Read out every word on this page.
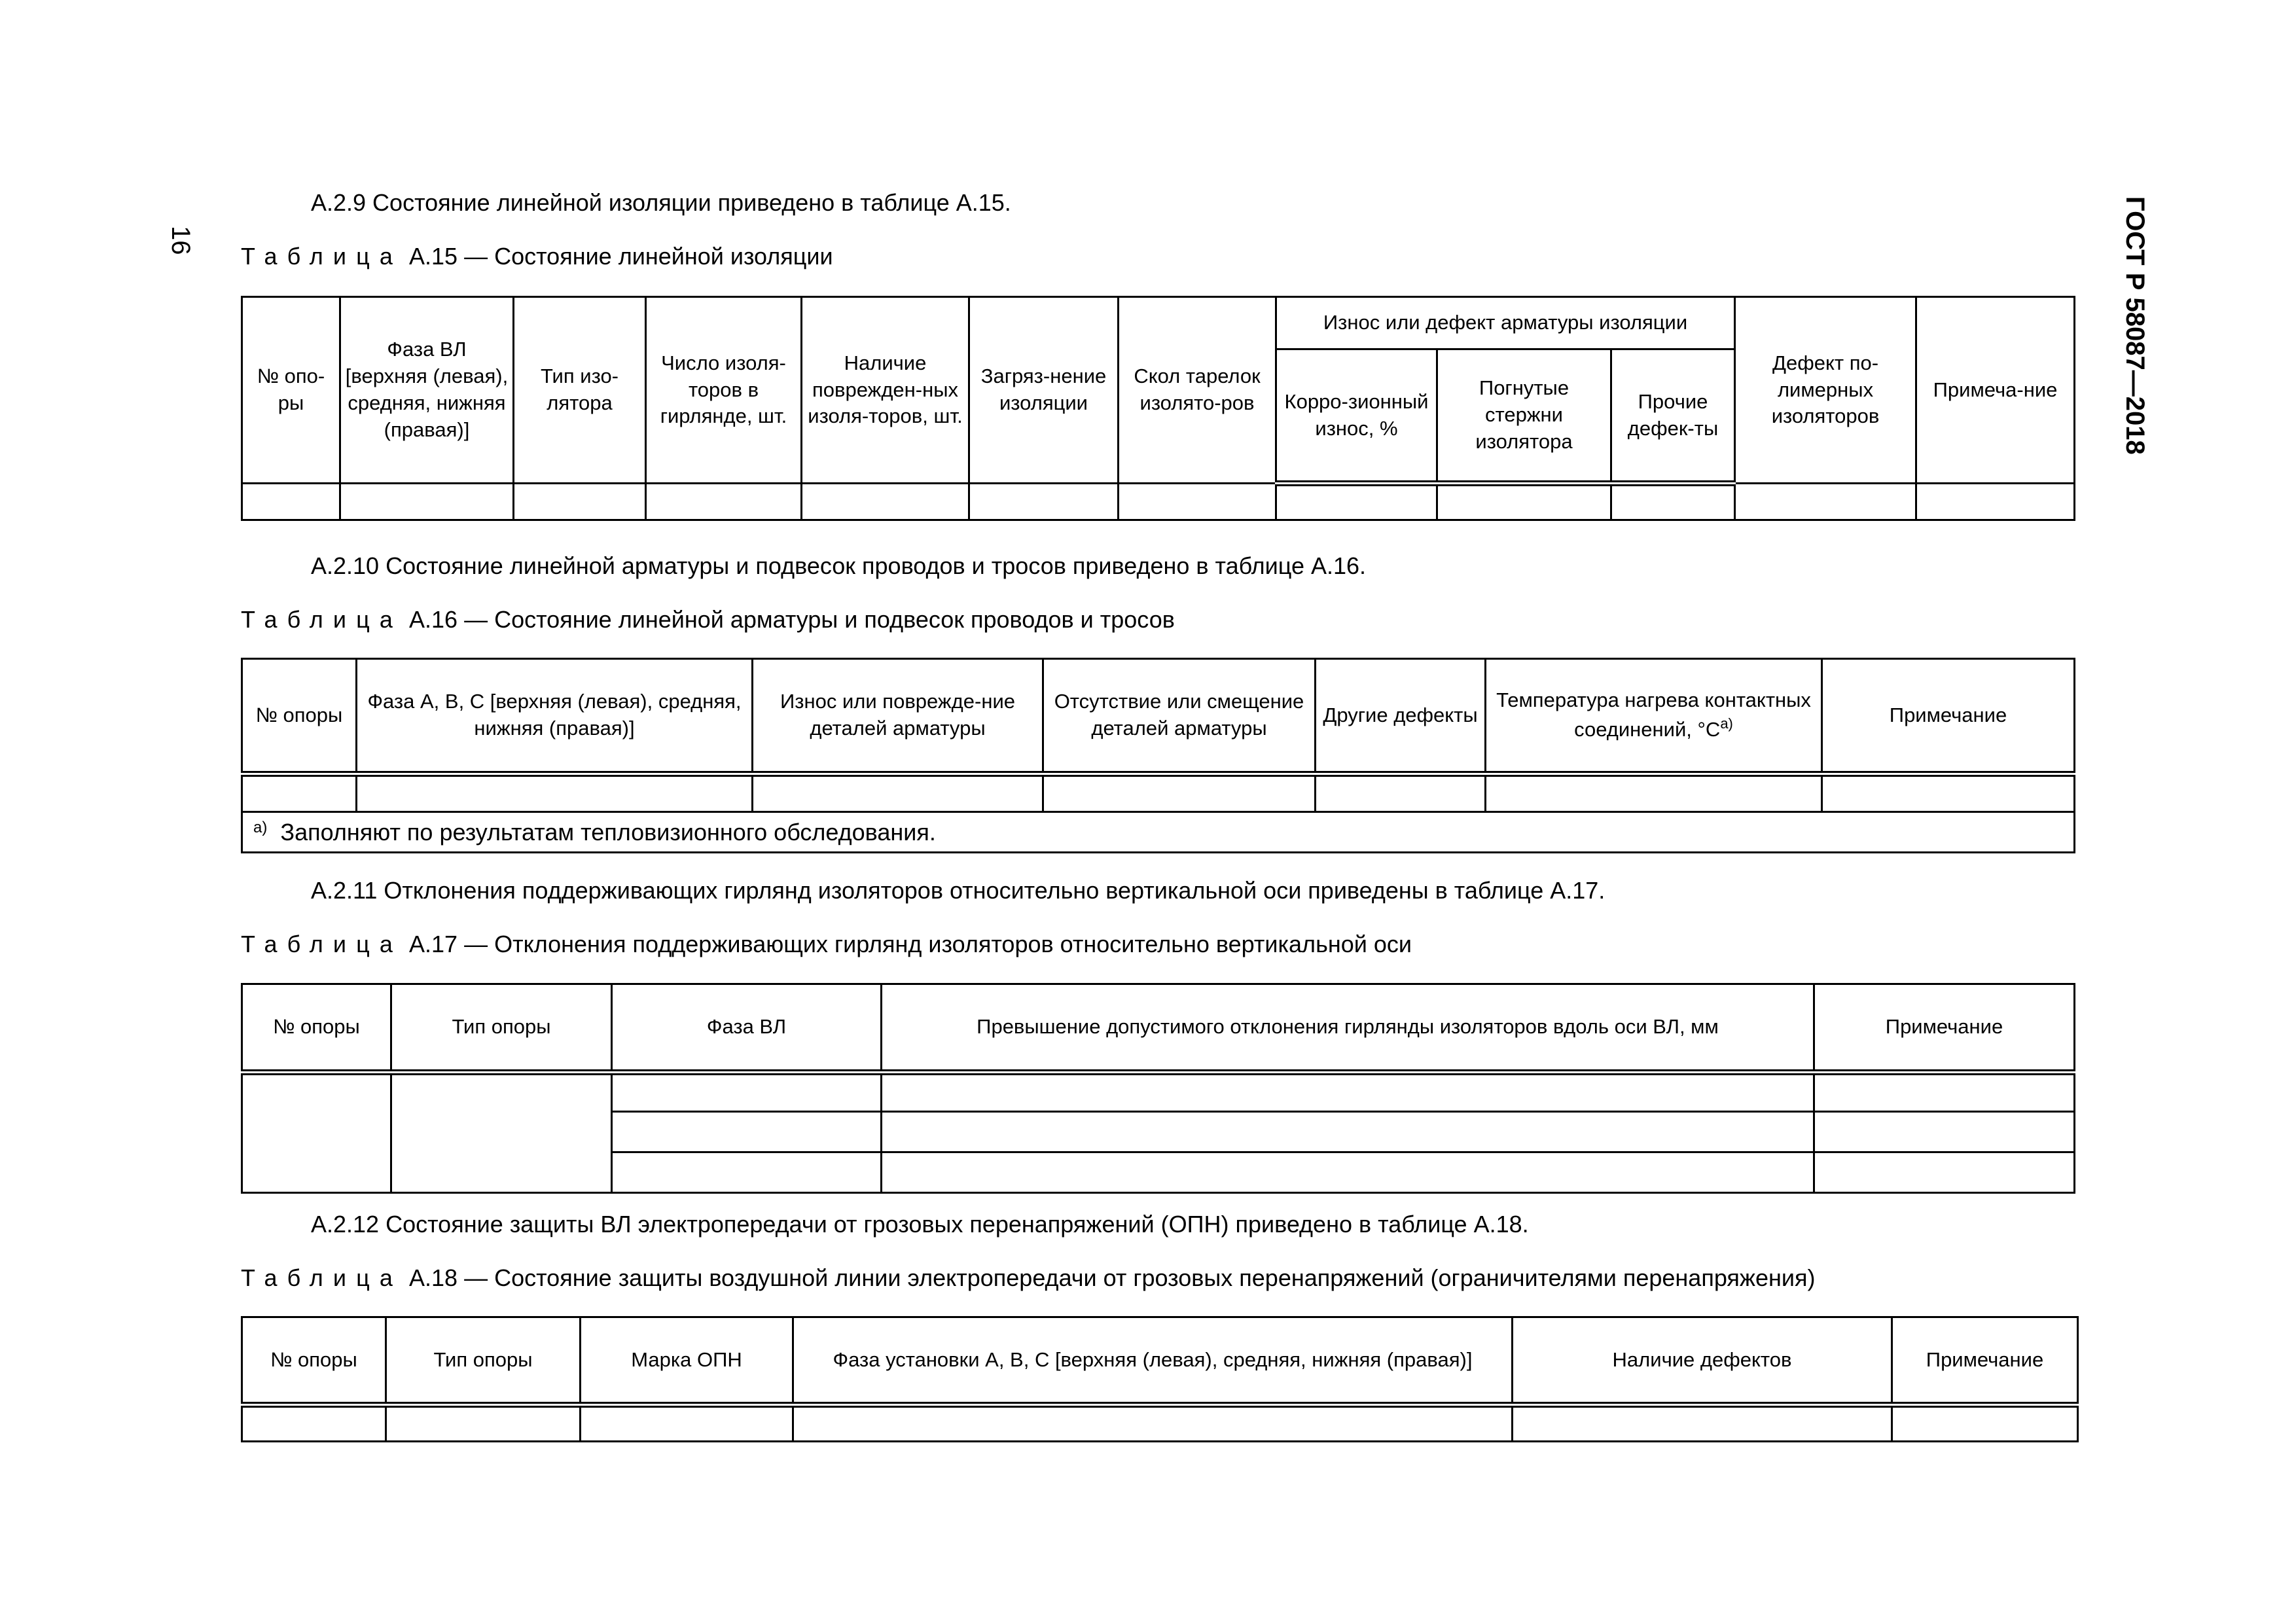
ГОСТ Р 58087—2018
16
А.2.9 Состояние линейной изоляции приведено в таблице А.15.
Таблица А.15 — Состояние линейной изоляции
№ опо-ры	Фаза ВЛ [верхняя (левая), средняя, нижняя (правая)]	Тип изо-лятора	Число изоля-торов в гирлянде, шт.	Наличие поврежден-ных изоля-торов, шт.	Загряз-нение изоляции	Скол тарелок изолято-ров	Износ или дефект арматуры изоляции			Дефект по-лимерных изоляторов	Примеча-ние
							Корро-зионный износ, %	Погнутые стержни изолятора	Прочие дефек-ты		

А.2.10 Состояние линейной арматуры и подвесок проводов и тросов приведено в таблице А.16.
Таблица А.16 — Состояние линейной арматуры и подвесок проводов и тросов
№ опоры	Фаза А, В, С [верхняя (левая), средняя, нижняя (правая)]	Износ или поврежде-ние деталей арматуры	Отсутствие или смещение деталей арматуры	Другие дефекты	Температура нагрева контактных соединений, °С$^{а)}$	Примечание

$^{а)}$ Заполняют по результатам тепловизионного обследования.						
А.2.11 Отклонения поддерживающих гирлянд изоляторов относительно вертикальной оси приведены в таблице А.17.
Таблица А.17 — Отклонения поддерживающих гирлянд изоляторов относительно вертикальной оси
№ опоры	Тип опоры	Фаза ВЛ	Превышение допустимого отклонения гирлянды изоляторов вдоль оси ВЛ, мм	Примечание

А.2.12 Состояние защиты ВЛ электропередачи от грозовых перенапряжений (ОПН) приведено в таблице А.18.
Таблица А.18 — Состояние защиты воздушной линии электропередачи от грозовых перенапряжений (ограничителями перенапряжения)
№ опоры	Тип опоры	Марка ОПН	Фаза установки А, В, С [верхняя (левая), средняя, нижняя (правая)]	Наличие дефектов	Примечание
